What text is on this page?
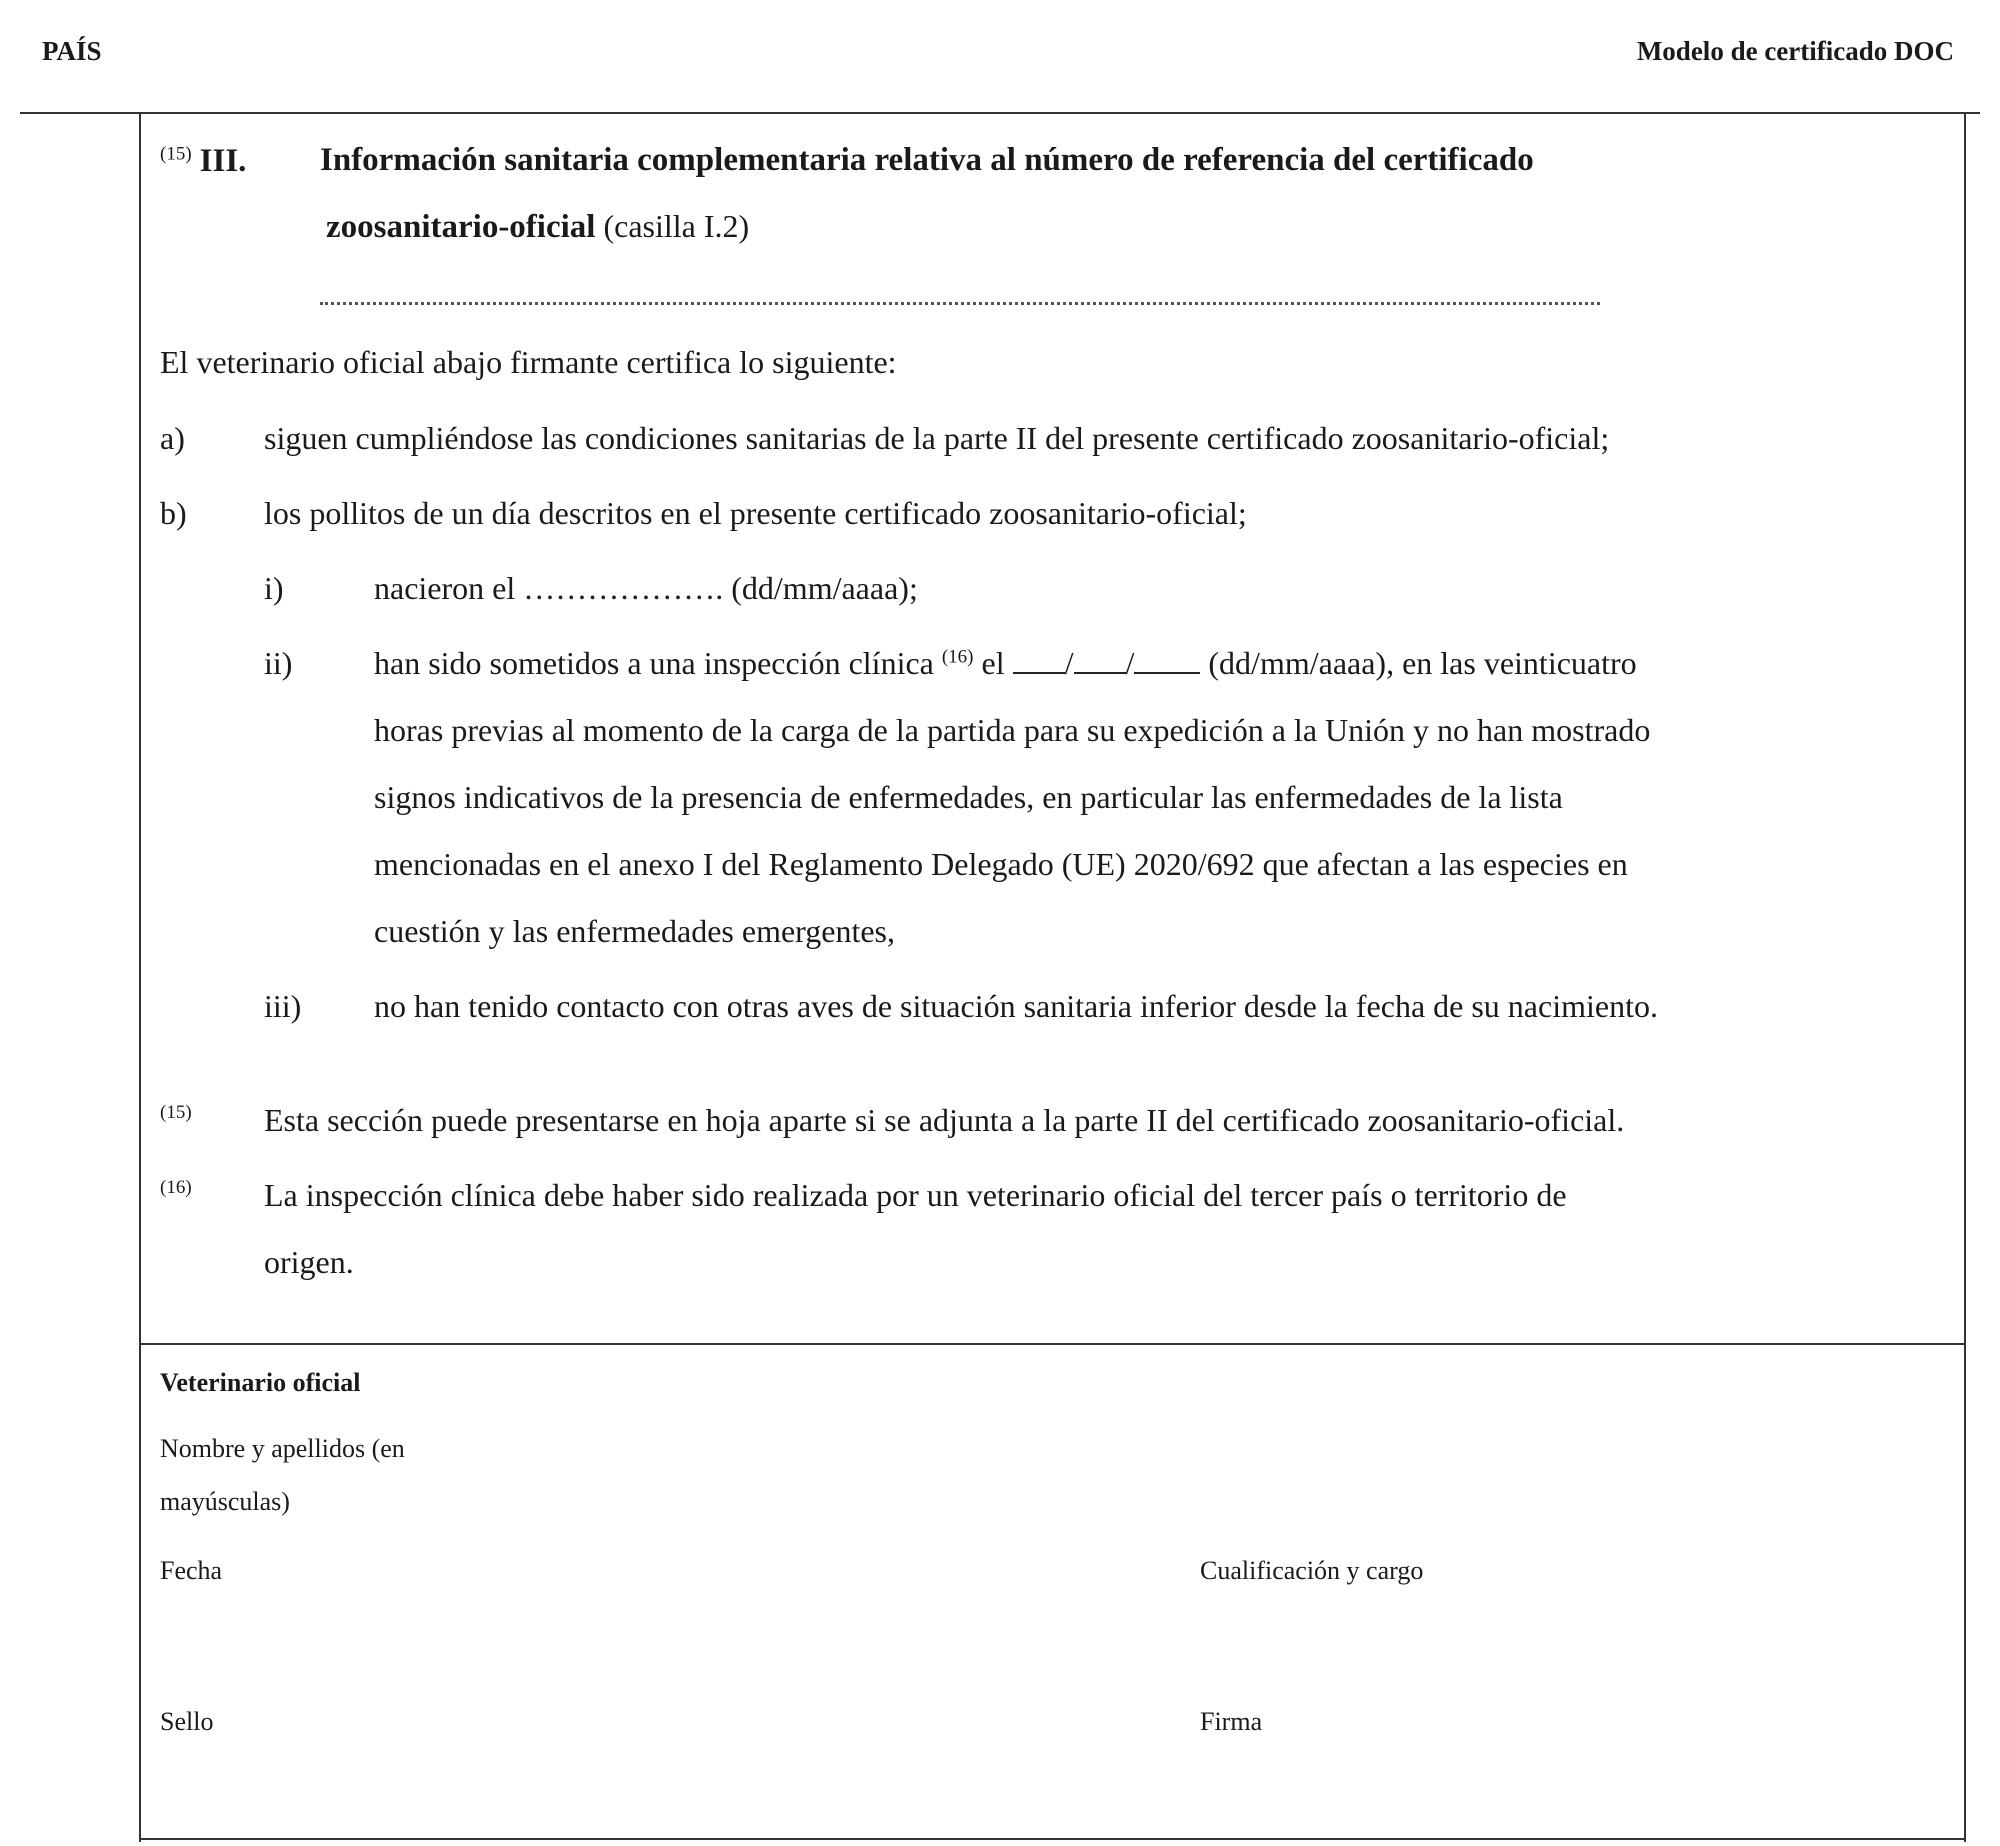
PAÍS	Modelo de certificado DOC
$^{(15)}$ III. Información sanitaria complementaria relativa al número de referencia del certificado
zoosanitario-oficial (casilla I.2)
El veterinario oficial abajo firmante certifica lo siguiente:
a) siguen cumpliéndose las condiciones sanitarias de la parte II del presente certificado zoosanitario-oficial;
b) los pollitos de un día descritos en el presente certificado zoosanitario-oficial;
i)	nacieron el ………………. (dd/mm/aaaa);
ii)	han sido sometidos a una inspección clínica $^{(16)}$ el / / (dd/mm/aaaa), en las veinticuatro
horas previas al momento de la carga de la partida para su expedición a la Unión y no han mostrado
signos indicativos de la presencia de enfermedades, en particular las enfermedades de la lista
mencionadas en el anexo I del Reglamento Delegado (UE) 2020/692 que afectan a las especies en
cuestión y las enfermedades emergentes,
iii) no han tenido contacto con otras aves de situación sanitaria inferior desde la fecha de su nacimiento.
(15) Esta sección puede presentarse en hoja aparte si se adjunta a la parte II del certificado zoosanitario-oficial.
(16) La inspección clínica debe haber sido realizada por un veterinario oficial del tercer país o territorio de
origen.
Veterinario oficial
Nombre y apellidos (en
mayúsculas)
Fecha	Cualificación y cargo
Sello	Firma
